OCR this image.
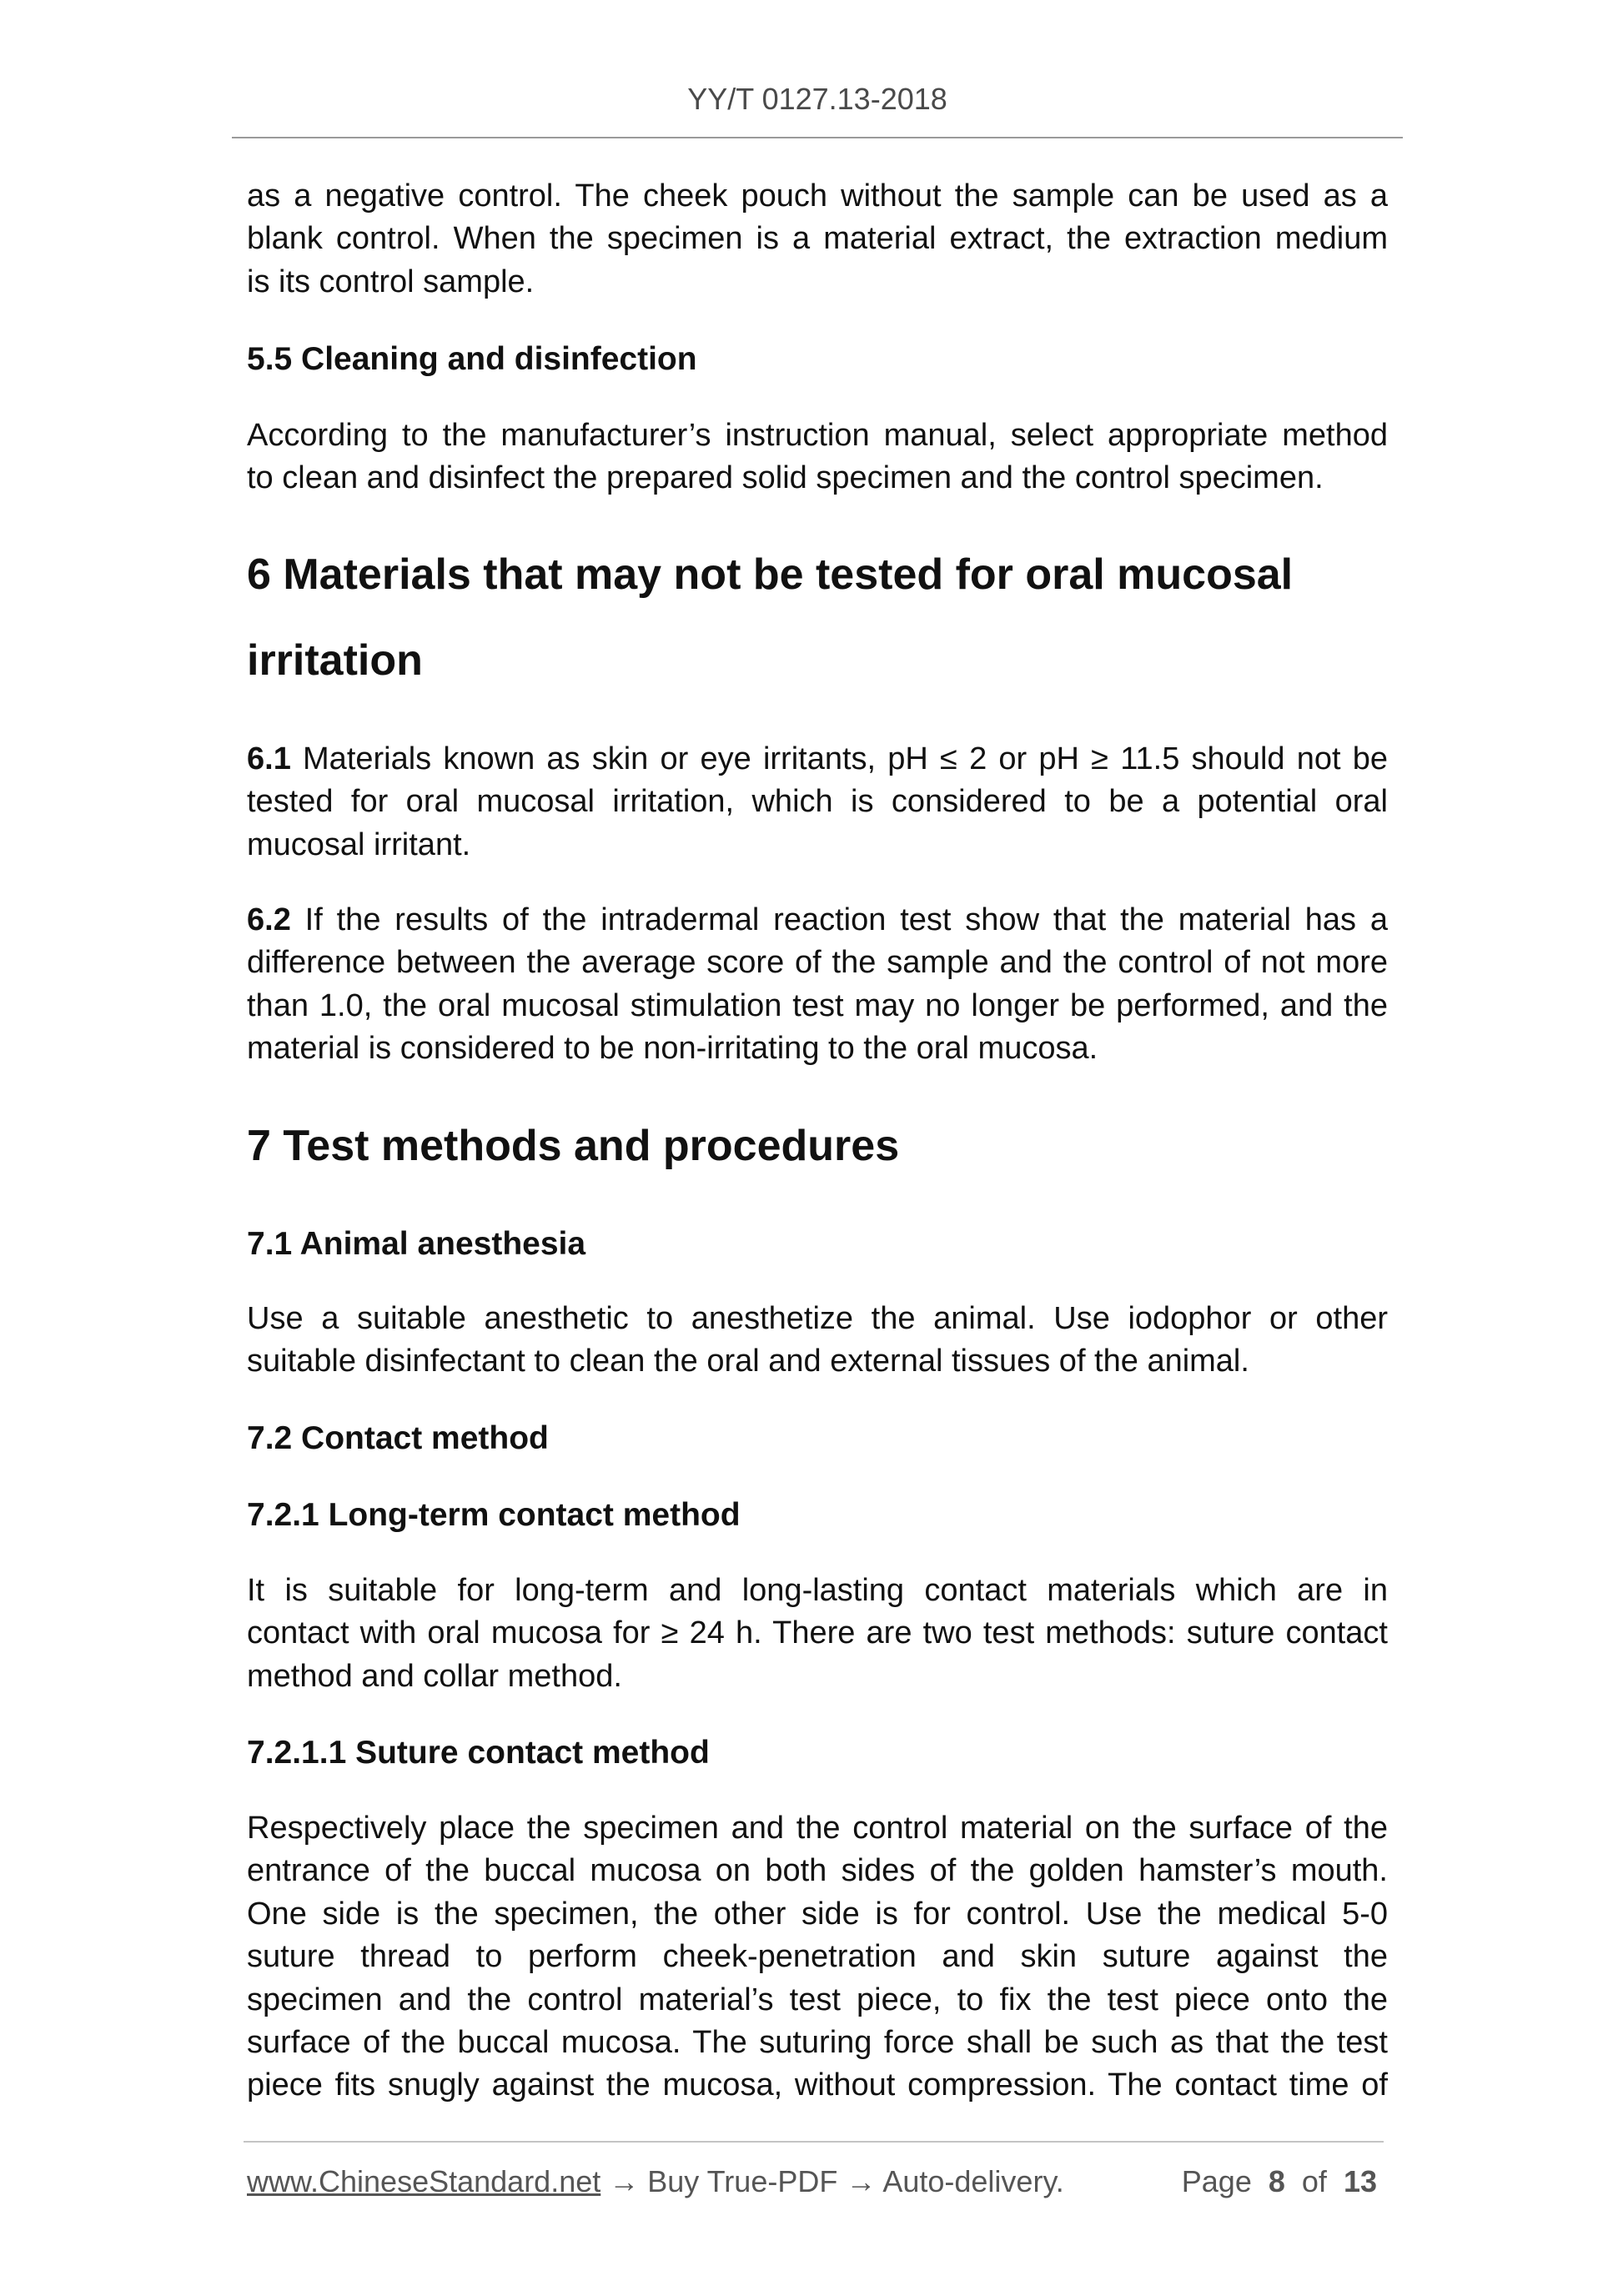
YY/T 0127.13-2018
as a negative control. The cheek pouch without the sample can be used as a
blank control. When the specimen is a material extract, the extraction medium
is its control sample.
5.5 Cleaning and disinfection
According to the manufacturer’s instruction manual, select appropriate method
to clean and disinfect the prepared solid specimen and the control specimen.
6 Materials that may not be tested for oral mucosal
irritation
6.1 Materials known as skin or eye irritants, pH ≤ 2 or pH ≥ 11.5 should not be
tested for oral mucosal irritation, which is considered to be a potential oral
mucosal irritant.
6.2 If the results of the intradermal reaction test show that the material has a
difference between the average score of the sample and the control of not more
than 1.0, the oral mucosal stimulation test may no longer be performed, and the
material is considered to be non-irritating to the oral mucosa.
7 Test methods and procedures
7.1 Animal anesthesia
Use a suitable anesthetic to anesthetize the animal. Use iodophor or other
suitable disinfectant to clean the oral and external tissues of the animal.
7.2 Contact method
7.2.1 Long-term contact method
It is suitable for long-term and long-lasting contact materials which are in
contact with oral mucosa for ≥ 24 h. There are two test methods: suture contact
method and collar method.
7.2.1.1 Suture contact method
Respectively place the specimen and the control material on the surface of the
entrance of the buccal mucosa on both sides of the golden hamster’s mouth.
One side is the specimen, the other side is for control. Use the medical 5-0
suture thread to perform cheek-penetration and skin suture against the
specimen and the control material’s test piece, to fix the test piece onto the
surface of the buccal mucosa. The suturing force shall be such as that the test
piece fits snugly against the mucosa, without compression. The contact time of
www.ChineseStandard.net → Buy True-PDF → Auto-delivery.	Page 8 of 13
